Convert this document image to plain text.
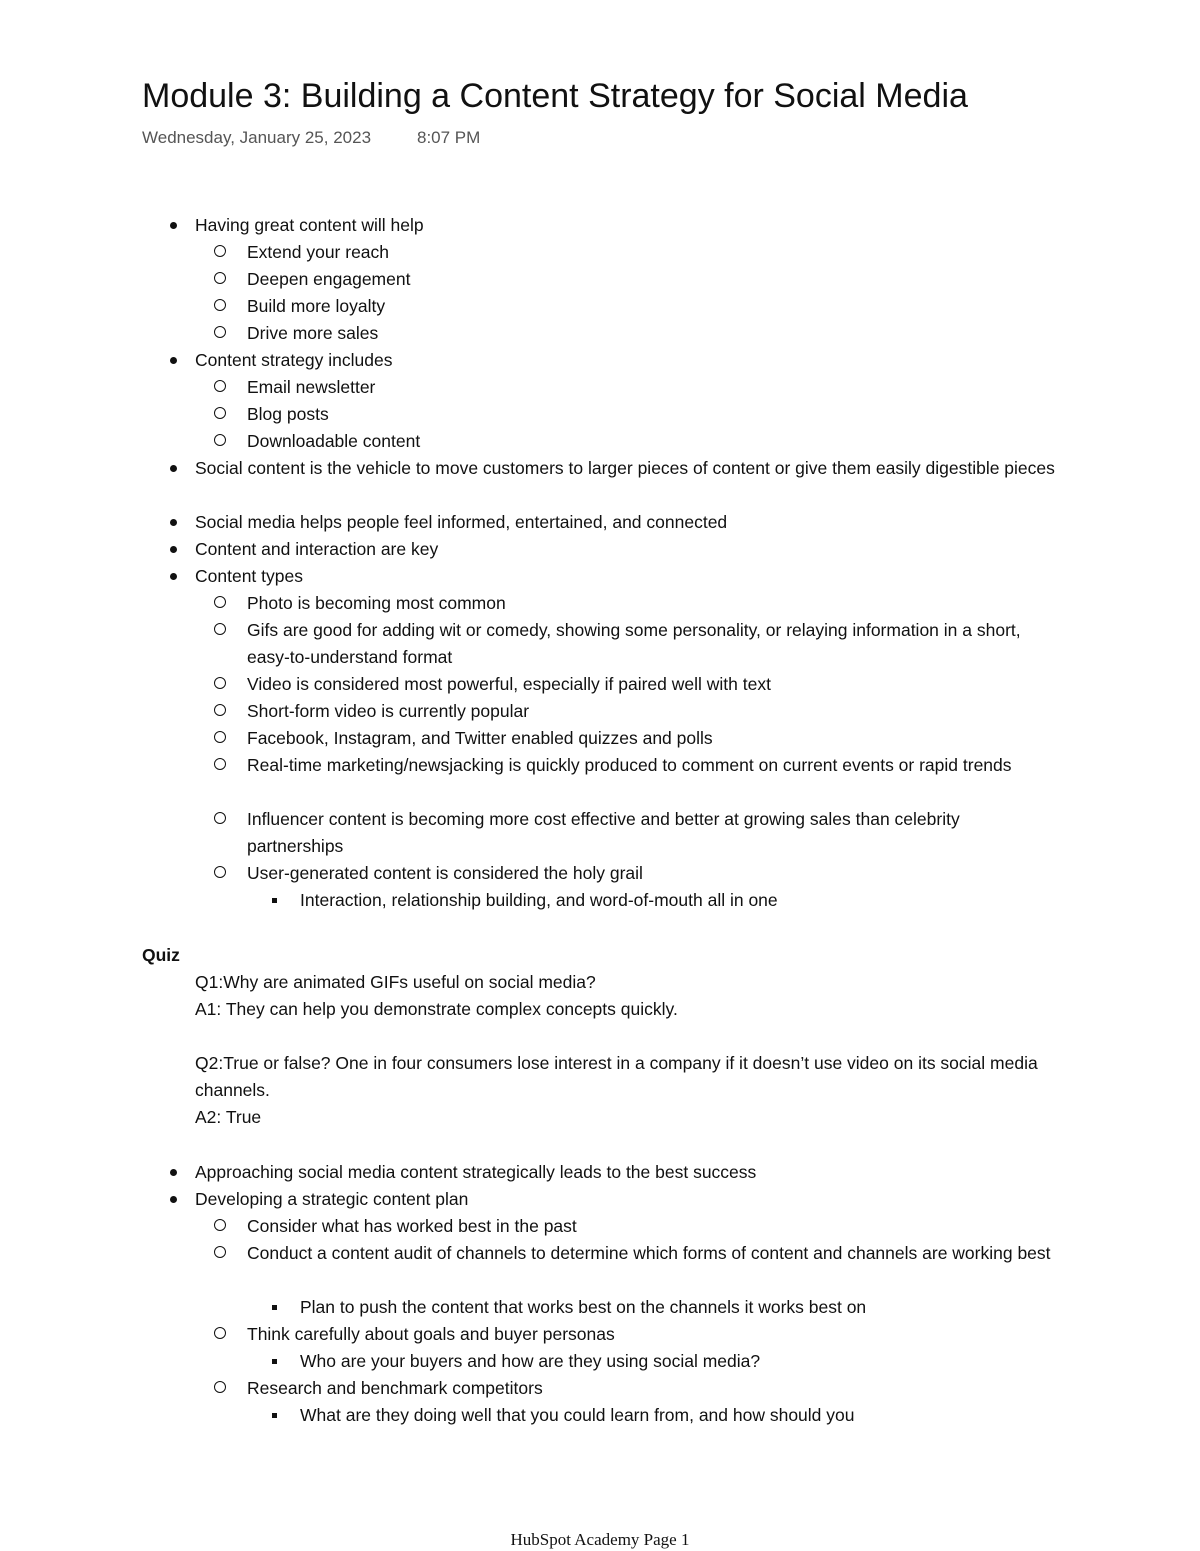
Module 3: Building a Content Strategy for Social Media
Wednesday, January 25, 2023	8:07 PM
Having great content will help
Extend your reach
Deepen engagement
Build more loyalty
Drive more sales
Content strategy includes
Email newsletter
Blog posts
Downloadable content
Social content is the vehicle to move customers to larger pieces of content or give them easily digestible pieces
Social media helps people feel informed, entertained, and connected
Content and interaction are key
Content types
Photo is becoming most common
Gifs are good for adding wit or comedy, showing some personality, or relaying information in a short, easy-to-understand format
Video is considered most powerful, especially if paired well with text
Short-form video is currently popular
Facebook, Instagram, and Twitter enabled quizzes and polls
Real-time marketing/newsjacking is quickly produced to comment on current events or rapid trends
Influencer content is becoming more cost effective and better at growing sales than celebrity partnerships
User-generated content is considered the holy grail
Interaction, relationship building, and word-of-mouth all in one
Quiz
Q1:Why are animated GIFs useful on social media?
A1: They can help you demonstrate complex concepts quickly.
Q2:True or false? One in four consumers lose interest in a company if it doesn’t use video on its social media channels.
A2: True
Approaching social media content strategically leads to the best success
Developing a strategic content plan
Consider what has worked best in the past
Conduct a content audit of channels to determine which forms of content and channels are working best
Plan to push the content that works best on the channels it works best on
Think carefully about goals and buyer personas
Who are your buyers and how are they using social media?
Research and benchmark competitors
What are they doing well that you could learn from, and how should you
HubSpot Academy Page 1
